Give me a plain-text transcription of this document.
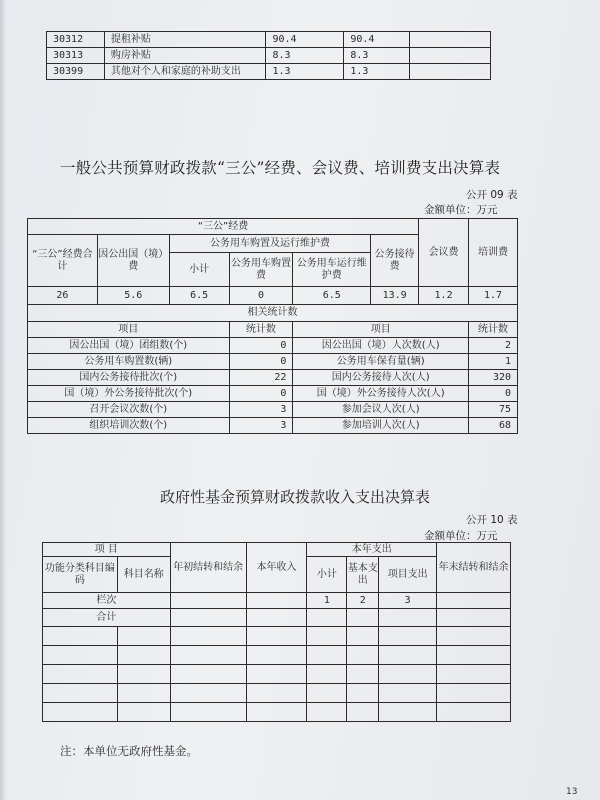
30312	提租补贴	90.4	90.4	
30313	购房补贴	8.3	8.3	
30399	其他对个人和家庭的补助支出	1.3	1.3	
一般公共预算财政拨款“三公”经费、会议费、培训费支出决算表
公开 09 表
金额单位：万元
“三公”经费						会议费	培训费
“三公”经费合计	因公出国（境）费	公务用车购置及运行维护费			公务接待费		
		小计	公务用车购置费	公务用车运行维护费			
26	5.6	6.5	0	6.5	13.9	1.2	1.7
相关统计数							
项目			统计数	项目			统计数
因公出国（境）团组数(个)			0	因公出国（境）人次数(人)			2
公务用车购置数(辆)			0	公务用车保有量(辆)			1
国内公务接待批次(个)			22	国内公务接待人次(人)			320
国（境）外公务接待批次(个)			0	国（境）外公务接待人次(人)			0
召开会议次数(个)			3	参加会议人次(人)			75
组织培训次数(个)			3	参加培训人次(人)			68
政府性基金预算财政拨款收入支出决算表
公开 10 表
金额单位：万元
项 目		年初结转和结余	本年收入	本年支出			年末结转和结余
功能分类科目编码	科目名称			小计	基本支出	项目支出	
栏次				1	2	3	
合计							

注：本单位无政府性基金。
13
